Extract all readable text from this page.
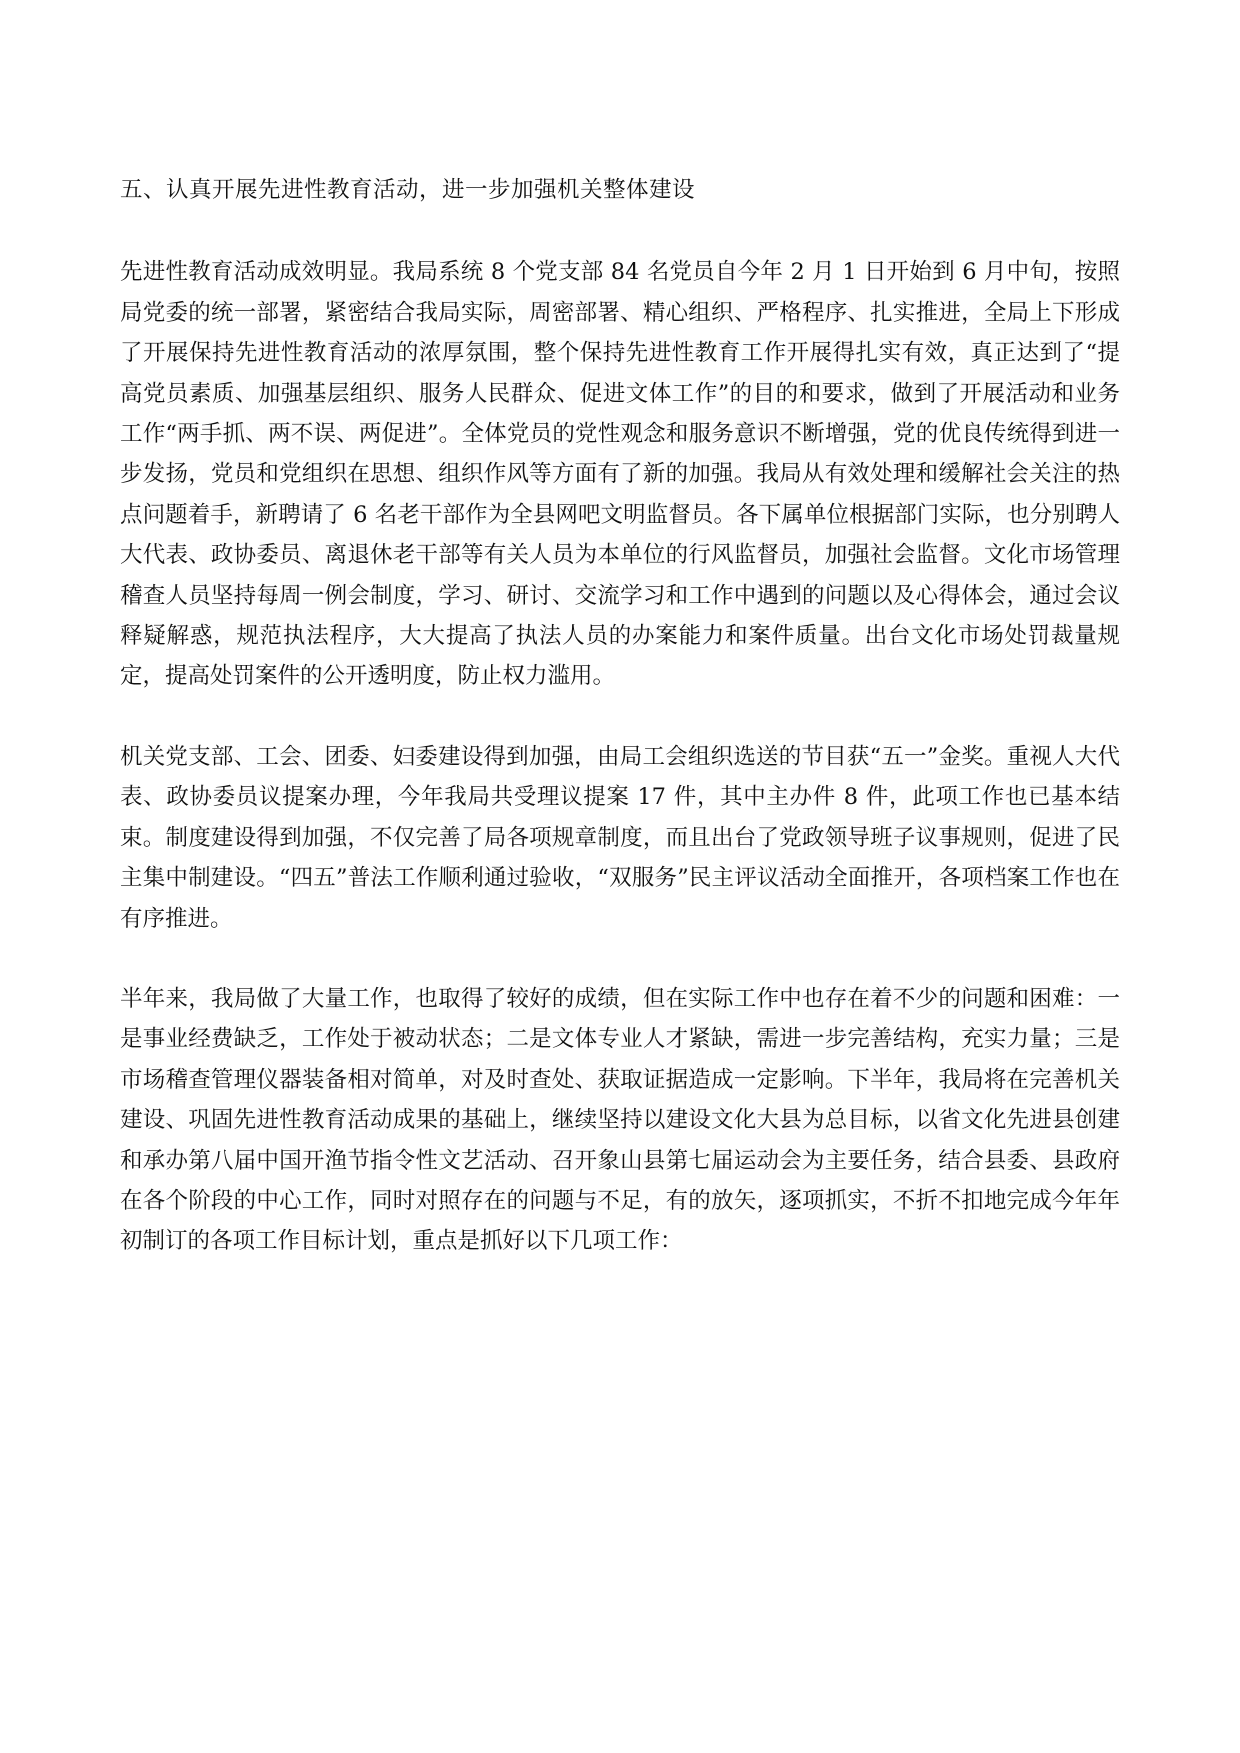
五、认真开展先进性教育活动，进一步加强机关整体建设

先进性教育活动成效明显。我局系统 8 个党支部 84 名党员自今年 2 月 1 日开始到 6 月中旬，按照局党委的统一部署，紧密结合我局实际，周密部署、精心组织、严格程序、扎实推进，全局上下形成了开展保持先进性教育活动的浓厚氛围，整个保持先进性教育工作开展得扎实有效，真正达到了“提高党员素质、加强基层组织、服务人民群众、促进文体工作”的目的和要求，做到了开展活动和业务工作“两手抓、两不误、两促进”。全体党员的党性观念和服务意识不断增强，党的优良传统得到进一步发扬，党员和党组织在思想、组织作风等方面有了新的加强。我局从有效处理和缓解社会关注的热点问题着手，新聘请了 6 名老干部作为全县网吧文明监督员。各下属单位根据部门实际，也分别聘人大代表、政协委员、离退休老干部等有关人员为本单位的行风监督员，加强社会监督。文化市场管理稽查人员坚持每周一例会制度，学习、研讨、交流学习和工作中遇到的问题以及心得体会，通过会议释疑解惑，规范执法程序，大大提高了执法人员的办案能力和案件质量。出台文化市场处罚裁量规定，提高处罚案件的公开透明度，防止权力滥用。

机关党支部、工会、团委、妇委建设得到加强，由局工会组织选送的节目获“五一”金奖。重视人大代表、政协委员议提案办理，今年我局共受理议提案 17 件，其中主办件 8 件，此项工作也已基本结束。制度建设得到加强，不仅完善了局各项规章制度，而且出台了党政领导班子议事规则，促进了民主集中制建设。“四五”普法工作顺利通过验收，“双服务”民主评议活动全面推开，各项档案工作也在有序推进。

半年来，我局做了大量工作，也取得了较好的成绩，但在实际工作中也存在着不少的问题和困难：一是事业经费缺乏，工作处于被动状态；二是文体专业人才紧缺，需进一步完善结构，充实力量；三是市场稽查管理仪器装备相对简单，对及时查处、获取证据造成一定影响。下半年，我局将在完善机关建设、巩固先进性教育活动成果的基础上，继续坚持以建设文化大县为总目标，以省文化先进县创建和承办第八届中国开渔节指令性文艺活动、召开象山县第七届运动会为主要任务，结合县委、县政府在各个阶段的中心工作，同时对照存在的问题与不足，有的放矢，逐项抓实，不折不扣地完成今年年初制订的各项工作目标计划，重点是抓好以下几项工作：
